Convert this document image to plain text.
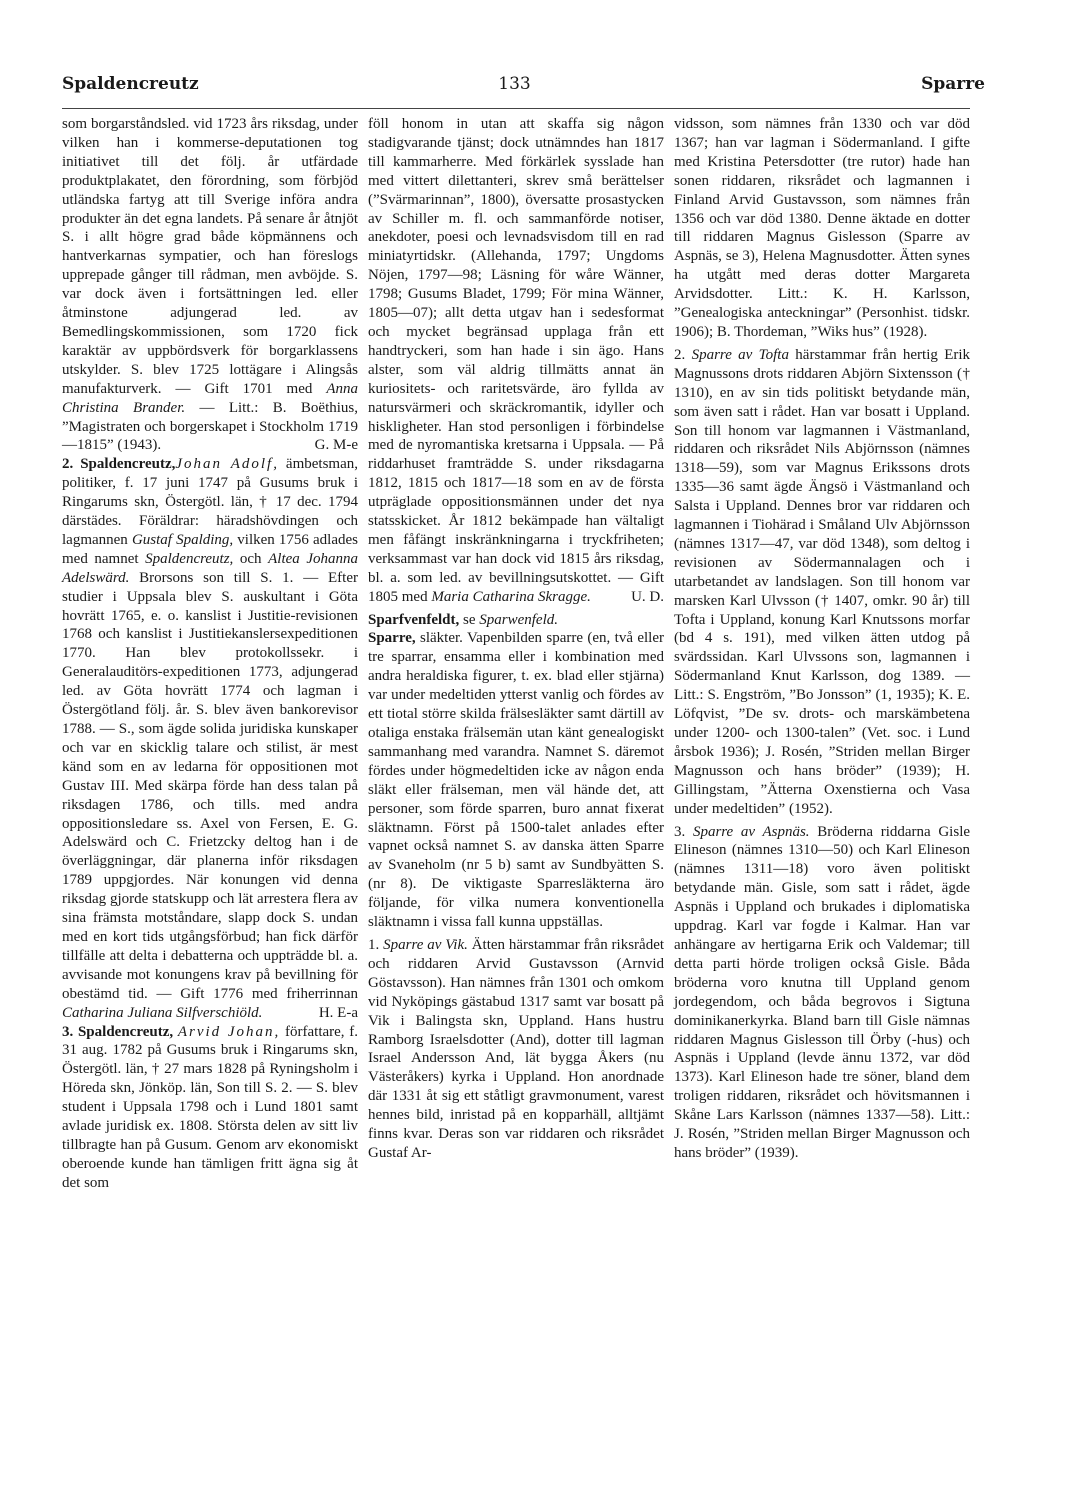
Spaldencreutz	133	Sparre

som borgarståndsled. vid 1723 års riksdag, under vilken han i kommerse-deputationen tog initiativet till det följ. år utfärdade produktplakatet, den förordning, som förbjöd utländska fartyg att till Sverige införa andra produkter än det egna landets. På senare år åtnjöt S. i allt högre grad både köpmännens och hantverkarnas sympatier, och han föreslogs upprepade gånger till rådman, men avböjde. S. var dock även i fortsättningen led. eller åtminstone adjungerad led. av Bemedlingskommissionen, som 1720 fick karaktär av uppbördsverk för borgarklassens utskylder. S. blev 1725 lottägare i Alingsås manufakturverk. — Gift 1701 med Anna Christina Brander. — Litt.: B. Boëthius, ”Magistraten och borgerskapet i Stockholm 1719—1815” (1943).	G. M-e

2. Spaldencreutz,Johan Adolf, ämbetsman, politiker, f. 17 juni 1747 på Gusums bruk i Ringarums skn, Östergötl. län, † 17 dec. 1794 därstädes. Föräldrar: häradshövdingen och lagmannen Gustaf Spalding, vilken 1756 adlades med namnet Spaldencreutz, och Altea Johanna Adelswärd. Brorsons son till S. 1. — Efter studier i Uppsala blev S. auskultant i Göta hovrätt 1765, e. o. kanslist i Justitie-revisionen 1768 och kanslist i Justitiekanslersexpeditionen 1770. Han blev protokollssekr. i Generalauditörs-expeditionen 1773, adjungerad led. av Göta hovrätt 1774 och lagman i Östergötland följ. år. S. blev även bankorevisor 1788. — S., som ägde solida juridiska kunskaper och var en skicklig talare och stilist, är mest känd som en av ledarna för oppositionen mot Gustav III. Med skärpa förde han dess talan på riksdagen 1786, och tills. med andra oppositionsledare ss. Axel von Fersen, E. G. Adelswärd och C. Frietzcky deltog han i de överläggningar, där planerna inför riksdagen 1789 uppgjordes. När konungen vid denna riksdag gjorde statskupp och lät arrestera flera av sina främsta motståndare, slapp dock S. undan med en kort tids utgångsförbud; han fick därför tillfälle att delta i debatterna och uppträdde bl. a. avvisande mot konungens krav på bevillning för obestämd tid. — Gift 1776 med friherrinnan Catharina Juliana Silfverschiöld.	H. E-a

3. Spaldencreutz, Arvid Johan, författare, f. 31 aug. 1782 på Gusums bruk i Ringarums skn, Östergötl. län, † 27 mars 1828 på Ryningsholm i Höreda skn, Jönköp. län, Son till S. 2. — S. blev student i Uppsala 1798 och i Lund 1801 samt avlade juridisk ex. 1808. Största delen av sitt liv tillbragte han på Gusum. Genom arv ekonomiskt oberoende kunde han tämligen fritt ägna sig åt det som

föll honom in utan att skaffa sig någon stadigvarande tjänst; dock utnämndes han 1817 till kammarherre. Med förkärlek sysslade han med vittert dilettanteri, skrev små berättelser (”Svärmarinnan”, 1800), översatte prosastycken av Schiller m. fl. och sammanförde notiser, anekdoter, poesi och levnadsvisdom till en rad miniatyrtidskr. (Allehanda, 1797; Ungdoms Nöjen, 1797—98; Läsning för wåre Wänner, 1798; Gusums Bladet, 1799; För mina Wänner, 1805—07); allt detta utgav han i sedesformat och mycket begränsad upplaga från ett handtryckeri, som han hade i sin ägo. Hans alster, som väl aldrig tillmätts annat än kuriositets- och raritetsvärde, äro fyllda av natursvärmeri och skräckromantik, idyller och hiskligheter. Han stod personligen i förbindelse med de nyromantiska kretsarna i Uppsala. — På riddarhuset framträdde S. under riksdagarna 1812, 1815 och 1817—18 som en av de första utpräglade oppositionsmännen under det nya statsskicket. År 1812 bekämpade han vältaligt men fåfängt inskränkningarna i tryckfriheten; verksammast var han dock vid 1815 års riksdag, bl. a. som led. av bevillningsutskottet. — Gift 1805 med Maria Catharina Skragge.	U. D.

Sparfvenfeldt, se Sparwenfeld.

Sparre, släkter. Vapenbilden sparre (en, två eller tre sparrar, ensamma eller i kombination med andra heraldiska figurer, t. ex. blad eller stjärna) var under medeltiden ytterst vanlig och fördes av ett tiotal större skilda frälsesläkter samt därtill av otaliga enstaka frälsemän utan känt genealogiskt sammanhang med varandra. Namnet S. däremot fördes under högmedeltiden icke av någon enda släkt eller frälseman, men väl hände det, att personer, som förde sparren, buro annat fixerat släktnamn. Först på 1500-talet anlades efter vapnet också namnet S. av danska ätten Sparre av Svaneholm (nr 5 b) samt av Sundbyätten S. (nr 8). De viktigaste Sparresläkterna äro följande, för vilka numera konventionella släktnamn i vissa fall kunna uppställas.

1. Sparre av Vik. Ätten härstammar från riksrådet och riddaren Arvid Gustavsson (Arnvid Göstavsson). Han nämnes från 1301 och omkom vid Nyköpings gästabud 1317 samt var bosatt på Vik i Balingsta skn, Uppland. Hans hustru Ramborg Israelsdotter (And), dotter till lagman Israel Andersson And, lät bygga Åkers (nu Västeråkers) kyrka i Uppland. Hon anordnade där 1331 åt sig ett ståtligt gravmonument, varest hennes bild, inristad på en kopparhäll, alltjämt finns kvar. Deras son var riddaren och riksrådet Gustaf Ar-

vidsson, som nämnes från 1330 och var död 1367; han var lagman i Södermanland. I gifte med Kristina Petersdotter (tre rutor) hade han sonen riddaren, riksrådet och lagmannen i Finland Arvid Gustavsson, som nämnes från 1356 och var död 1380. Denne äktade en dotter till riddaren Magnus Gislesson (Sparre av Aspnäs, se 3), Helena Magnusdotter. Ätten synes ha utgått med deras dotter Margareta Arvidsdotter. Litt.: K. H. Karlsson, ”Genealogiska anteckningar” (Personhist. tidskr. 1906); B. Thordeman, ”Wiks hus” (1928).

2. Sparre av Tofta härstammar från hertig Erik Magnussons drots riddaren Abjörn Sixtensson († 1310), en av sin tids politiskt betydande män, som även satt i rådet. Han var bosatt i Uppland. Son till honom var lagmannen i Västmanland, riddaren och riksrådet Nils Abjörnsson (nämnes 1318—59), som var Magnus Erikssons drots 1335—36 samt ägde Ängsö i Västmanland och Salsta i Uppland. Dennes bror var riddaren och lagmannen i Tiohärad i Småland Ulv Abjörnsson (nämnes 1317—47, var död 1348), som deltog i revisionen av Södermannalagen och i utarbetandet av landslagen. Son till honom var marsken Karl Ulvsson († 1407, omkr. 90 år) till Tofta i Uppland, konung Karl Knutssons morfar (bd 4 s. 191), med vilken ätten utdog på svärdssidan. Karl Ulvssons son, lagmannen i Södermanland Knut Karlsson, dog 1389. — Litt.: S. Engström, ”Bo Jonsson” (1, 1935); K. E. Löfqvist, ”De sv. drots- och marskämbetena under 1200- och 1300-talen” (Vet. soc. i Lund årsbok 1936); J. Rosén, ”Striden mellan Birger Magnusson och hans bröder” (1939); H. Gillingstam, ”Ätterna Oxenstierna och Vasa under medeltiden” (1952).

3. Sparre av Aspnäs. Bröderna riddarna Gisle Elineson (nämnes 1310—50) och Karl Elineson (nämnes 1311—18) voro även politiskt betydande män. Gisle, som satt i rådet, ägde Aspnäs i Uppland och brukades i diplomatiska uppdrag. Karl var fogde i Kalmar. Han var anhängare av hertigarna Erik och Valdemar; till detta parti hörde troligen också Gisle. Båda bröderna voro knutna till Uppland genom jordegendom, och båda begrovos i Sigtuna dominikanerkyrka. Bland barn till Gisle nämnas riddaren Magnus Gislesson till Örby (-hus) och Aspnäs i Uppland (levde ännu 1372, var död 1373). Karl Elineson hade tre söner, bland dem troligen riddaren, riksrådet och hövitsmannen i Skåne Lars Karlsson (nämnes 1337—58). Litt.: J. Rosén, ”Striden mellan Birger Magnusson och hans bröder” (1939).
